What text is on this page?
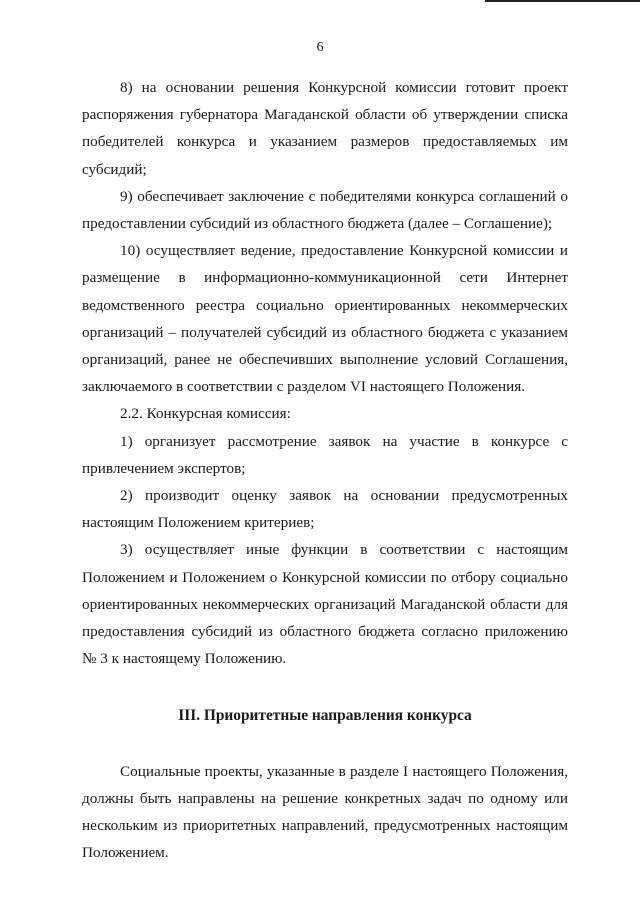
6

8) на основании решения Конкурсной комиссии готовит проект распоряжения губернатора Магаданской области об утверждении списка победителей конкурса и указанием размеров предоставляемых им субсидий;

9) обеспечивает заключение с победителями конкурса соглашений о предоставлении субсидий из областного бюджета (далее – Соглашение);

10) осуществляет ведение, предоставление Конкурсной комиссии и размещение в информационно-коммуникационной сети Интернет ведомственного реестра социально ориентированных некоммерческих организаций – получателей субсидий из областного бюджета с указанием организаций, ранее не обеспечивших выполнение условий Соглашения, заключаемого в соответствии с разделом VI настоящего Положения.

2.2. Конкурсная комиссия:

1) организует рассмотрение заявок на участие в конкурсе с привлечением экспертов;

2) производит оценку заявок на основании предусмотренных настоящим Положением критериев;

3) осуществляет иные функции в соответствии с настоящим Положением и Положением о Конкурсной комиссии по отбору социально ориентированных некоммерческих организаций Магаданской области для предоставления субсидий из областного бюджета согласно приложению № 3 к настоящему Положению.

III. Приоритетные направления конкурса

Социальные проекты, указанные в разделе I настоящего Положения, должны быть направлены на решение конкретных задач по одному или нескольким из приоритетных направлений, предусмотренных настоящим Положением.
